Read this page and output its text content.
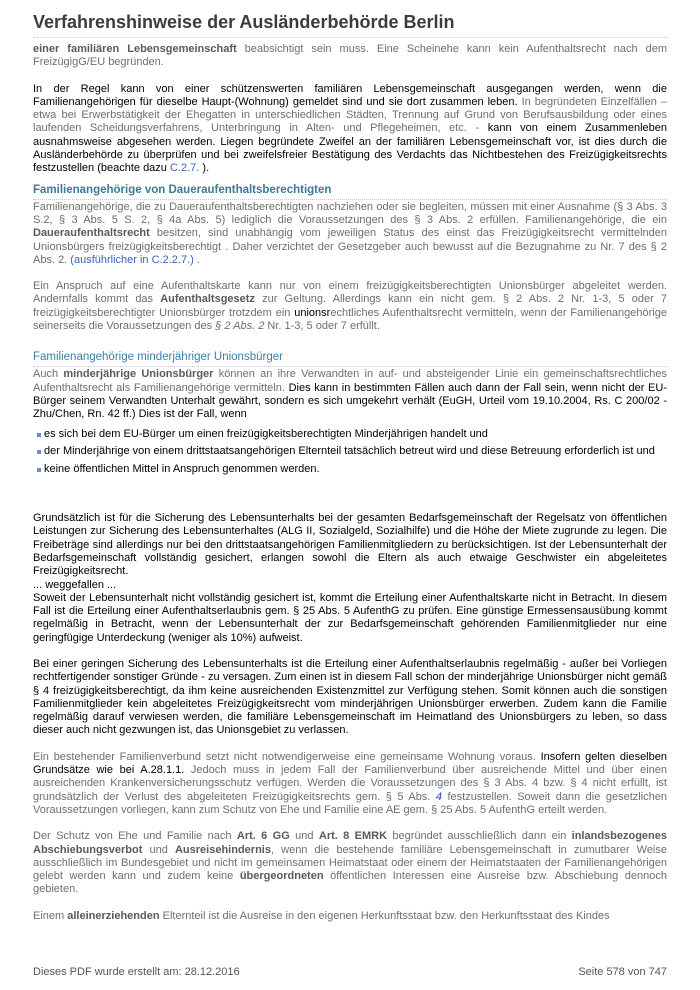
Verfahrenshinweise der Ausländerbehörde Berlin

einer familiären Lebensgemeinschaft beabsichtigt sein muss. Eine Scheinehe kann kein Aufenthaltsrecht nach dem FreizügigG/EU begründen.

In der Regel kann von einer schützenswerten familiären Lebensgemeinschaft ausgegangen werden, wenn die Familienangehörigen für dieselbe Haupt-(Wohnung) gemeldet sind und sie dort zusammen leben. In begründeten Einzelfällen – etwa bei Erwerbstätigkeit der Ehegatten in unterschiedlichen Städten, Trennung auf Grund von Berufsausbildung oder eines laufenden Scheidungsverfahrens, Unterbringung in Alten- und Pflegeheimen, etc. - kann von einem Zusammenleben ausnahmsweise abgesehen werden. Liegen begründete Zweifel an der familiären Lebensgemeinschaft vor, ist dies durch die Ausländerbehörde zu überprüfen und bei zweifelsfreier Bestätigung des Verdachts das Nichtbestehen des Freizügigkeitsrechts festzustellen (beachte dazu C.2.7. ).

Familienangehörige von Daueraufenthaltsberechtigten

Familienangehörige, die zu Daueraufenthaltsberechtigten nachziehen oder sie begleiten, müssen mit einer Ausnahme (§ 3 Abs. 3 S.2, § 3 Abs. 5 S. 2, § 4a Abs. 5) lediglich die Voraussetzungen des § 3 Abs. 2 erfüllen. Familienangehörige, die ein Daueraufenthaltsrecht besitzen, sind unabhängig vom jeweiligen Status des einst das Freizügigkeitsrecht vermittelnden Unionsbürgers freizügigkeitsberechtigt . Daher verzichtet der Gesetzgeber auch bewusst auf die Bezugnahme zu Nr. 7 des § 2 Abs. 2. (ausführlicher in C.2.2.7.) .

Ein Anspruch auf eine Aufenthaltskarte kann nur von einem freizügigkeitsberechtigten Unionsbürger abgeleitet werden. Andernfalls kommt das Aufenthaltsgesetz zur Geltung. Allerdings kann ein nicht gem. § 2 Abs. 2 Nr. 1-3, 5 oder 7 freizügigkeitsberechtigter Unionsbürger trotzdem ein unionsrechtliches Aufenthaltsrecht vermitteln, wenn der Familienangehörige seinerseits die Voraussetzungen des § 2 Abs. 2 Nr. 1-3, 5 oder 7 erfüllt.

Familienangehörige minderjähriger Unionsbürger

Auch minderjährige Unionsbürger können an ihre Verwandten in auf- und absteigender Linie ein gemeinschaftsrechtliches Aufenthaltsrecht als Familienangehörige vermitteln. Dies kann in bestimmten Fällen auch dann der Fall sein, wenn nicht der EU-Bürger seinem Verwandten Unterhalt gewährt, sondern es sich umgekehrt verhält (EuGH, Urteil vom 19.10.2004, Rs. C 200/02 - Zhu/Chen, Rn. 42 ff.) Dies ist der Fall, wenn

es sich bei dem EU-Bürger um einen freizügigkeitsberechtigten Minderjährigen handelt und
der Minderjährige von einem drittstaatsangehörigen Elternteil tatsächlich betreut wird und diese Betreuung erforderlich ist und
keine öffentlichen Mittel in Anspruch genommen werden.

Grundsätzlich ist für die Sicherung des Lebensunterhalts bei der gesamten Bedarfsgemeinschaft der Regelsatz von öffentlichen Leistungen zur Sicherung des Lebensunterhaltes (ALG II, Sozialgeld, Sozialhilfe) und die Höhe der Miete zugrunde zu legen. Die Freibeträge sind allerdings nur bei den drittstaatsangehörigen Familienmitgliedern zu berücksichtigen. Ist der Lebensunterhalt der Bedarfsgemeinschaft vollständig gesichert, erlangen sowohl die Eltern als auch etwaige Geschwister ein abgeleitetes Freizügigkeitsrecht.

... weggefallen ...

Soweit der Lebensunterhalt nicht vollständig gesichert ist, kommt die Erteilung einer Aufenthaltskarte nicht in Betracht. In diesem Fall ist die Erteilung einer Aufenthaltserlaubnis gem. § 25 Abs. 5 AufenthG zu prüfen. Eine günstige Ermessensausübung kommt regelmäßig in Betracht, wenn der Lebensunterhalt der zur Bedarfsgemeinschaft gehörenden Familienmitglieder nur eine geringfügige Unterdeckung (weniger als 10%) aufweist.

Bei einer geringen Sicherung des Lebensunterhalts ist die Erteilung einer Aufenthaltserlaubnis regelmäßig - außer bei Vorliegen rechtfertigender sonstiger Gründe - zu versagen. Zum einen ist in diesem Fall schon der minderjährige Unionsbürger nicht gemäß § 4 freizügigkeitsberechtigt, da ihm keine ausreichenden Existenzmittel zur Verfügung stehen. Somit können auch die sonstigen Familienmitglieder kein abgeleitetes Freizügigkeitsrecht vom minderjährigen Unionsbürger erwerben. Zudem kann die Familie regelmäßig darauf verwiesen werden, die familiäre Lebensgemeinschaft im Heimatland des Unionsbürgers zu leben, so dass dieser auch nicht gezwungen ist, das Unionsgebiet zu verlassen.

Ein bestehender Familienverbund setzt nicht notwendigerweise eine gemeinsame Wohnung voraus. Insofern gelten dieselben Grundsätze wie bei A.28.1.1. Jedoch muss in jedem Fall der Familienverbund über ausreichende Mittel und über einen ausreichenden Krankenversicherungsschutz verfügen. Werden die Voraussetzungen des § 3 Abs. 4 bzw. § 4 nicht erfüllt, ist grundsätzlich der Verlust des abgeleiteten Freizügigkeitsrechts gem. § 5 Abs. 4 festzustellen. Soweit dann die gesetzlichen Voraussetzungen vorliegen, kann zum Schutz von Ehe und Familie eine AE gem. § 25 Abs. 5 AufenthG erteilt werden.

Der Schutz von Ehe und Familie nach Art. 6 GG und Art. 8 EMRK begründet ausschließlich dann ein inlandsbezogenes Abschiebungsverbot und Ausreisehindernis, wenn die bestehende familiäre Lebensgemeinschaft in zumutbarer Weise ausschließlich im Bundesgebiet und nicht im gemeinsamen Heimatstaat oder einem der Heimatstaaten der Familienangehörigen gelebt werden kann und zudem keine übergeordneten öffentlichen Interessen eine Ausreise bzw. Abschiebung dennoch gebieten.

Einem alleinerziehenden Elternteil ist die Ausreise in den eigenen Herkunftsstaat bzw. den Herkunftsstaat des Kindes

Dieses PDF wurde erstellt am: 28.12.2016	Seite 578 von 747
